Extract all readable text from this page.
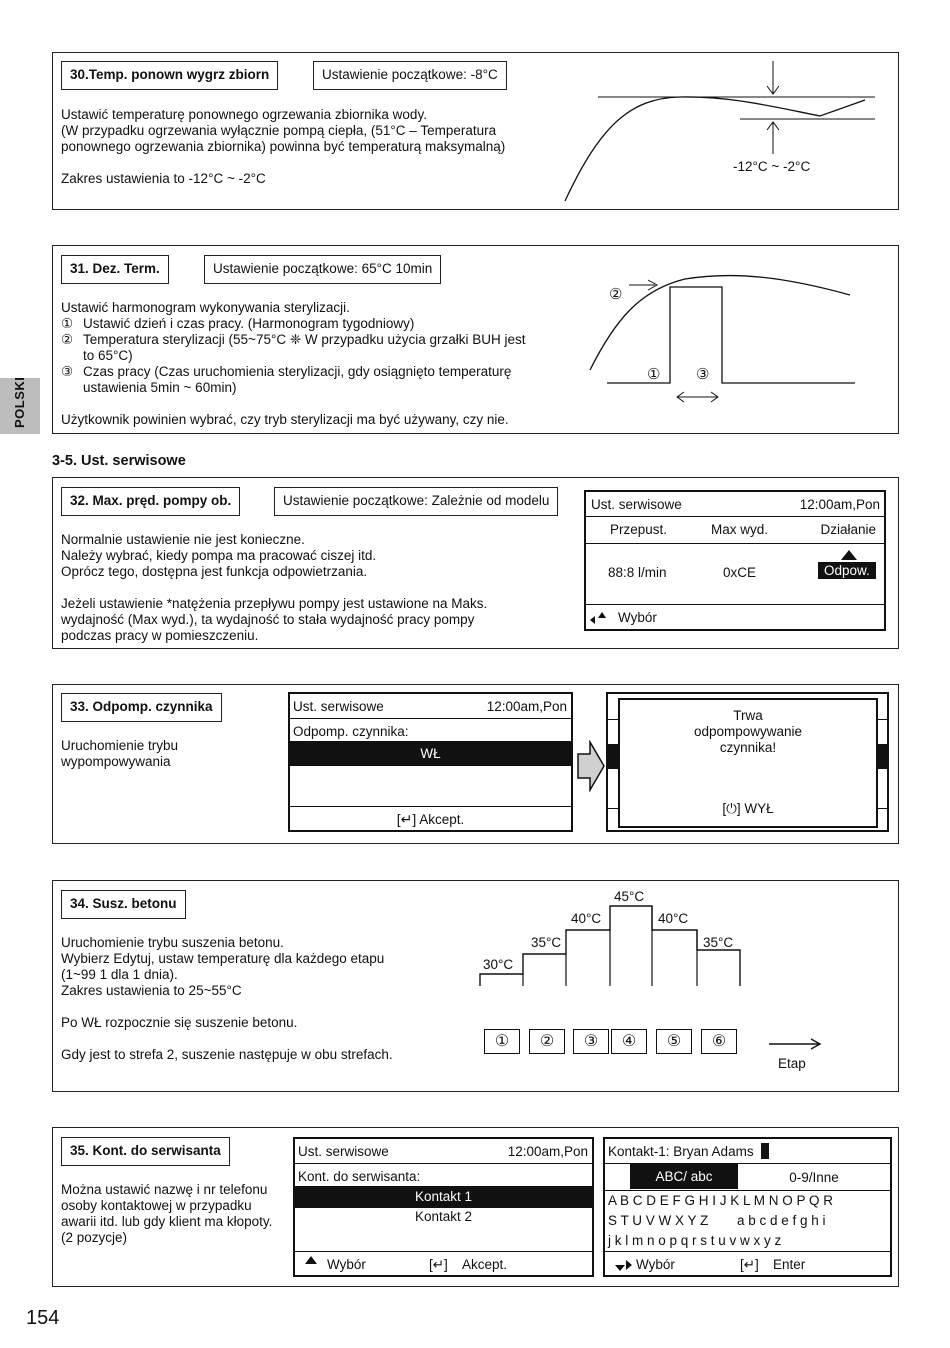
POLSKI
30.Temp. ponown wygrz zbiorn	Ustawienie początkowe: -8°C
Ustawić temperaturę ponownego ogrzewania zbiornika wody.
(W przypadku ogrzewania wyłącznie pompą ciepła, (51°C – Temperatura
ponownego ogrzewania zbiornika) powinna być temperaturą maksymalną)
Zakres ustawienia to -12°C ~ -2°C
-12°C ~ -2°C
31. Dez. Term.	Ustawienie początkowe: 65°C 10min
Ustawić harmonogram wykonywania sterylizacji.
① Ustawić dzień i czas pracy. (Harmonogram tygodniowy)
② Temperatura sterylizacji (55~75°C ❈ W przypadku użycia grzałki BUH jest
to 65°C)
③ Czas pracy (Czas uruchomienia sterylizacji, gdy osiągnięto temperaturę
ustawienia 5min ~ 60min)
Użytkownik powinien wybrać, czy tryb sterylizacji ma być używany, czy nie.
②
① ③
3-5. Ust. serwisowe
32. Max. pręd. pompy ob.	Ustawienie początkowe: Zależnie od modelu
Normalnie ustawienie nie jest konieczne.
Należy wybrać, kiedy pompa ma pracować ciszej itd.
Oprócz tego, dostępna jest funkcja odpowietrzania.
Jeżeli ustawienie *natężenia przepływu pompy jest ustawione na Maks.
wydajność (Max wyd.), ta wydajność to stała wydajność pracy pompy
podczas pracy w pomieszczeniu.
Ust. serwisowe	12:00am,Pon
Przepust.	Max wyd.	Działanie
88:8 l/min	0xCE	Odpow.
Wybór
33. Odpomp. czynnika
Uruchomienie trybu
wypompowywania
Ust. serwisowe	12:00am,Pon
Odpomp. czynnika:
WŁ
[↵] Akcept.
Trwa
odpompowywanie
czynnika!
[⏻] WYŁ
34. Susz. betonu
Uruchomienie trybu suszenia betonu.
Wybierz Edytuj, ustaw temperaturę dla każdego etapu
(1~99 1 dla 1 dnia).
Zakres ustawienia to 25~55°C
Po WŁ rozpocznie się suszenie betonu.
Gdy jest to strefa 2, suszenie następuje w obu strefach.
30°C
35°C
40°C
45°C
40°C
35°C
①	②	③	④	⑤	⑥
Etap
35. Kont. do serwisanta
Można ustawić nazwę i nr telefonu
osoby kontaktowej w przypadku
awarii itd. lub gdy klient ma kłopoty.
(2 pozycje)
Ust. serwisowe	12:00am,Pon
Kont. do serwisanta:
Kontakt 1
Kontakt 2
Wybór	[↵] Akcept.
Kontakt-1: Bryan Adams
ABC/ abc	0-9/Inne
A B C D E F G H I J K L M N O P Q R
S T U V W X Y Z a b c d e f g h i
j k l m n o p q r s t u v w x y z
Wybór	[↵] Enter
154
